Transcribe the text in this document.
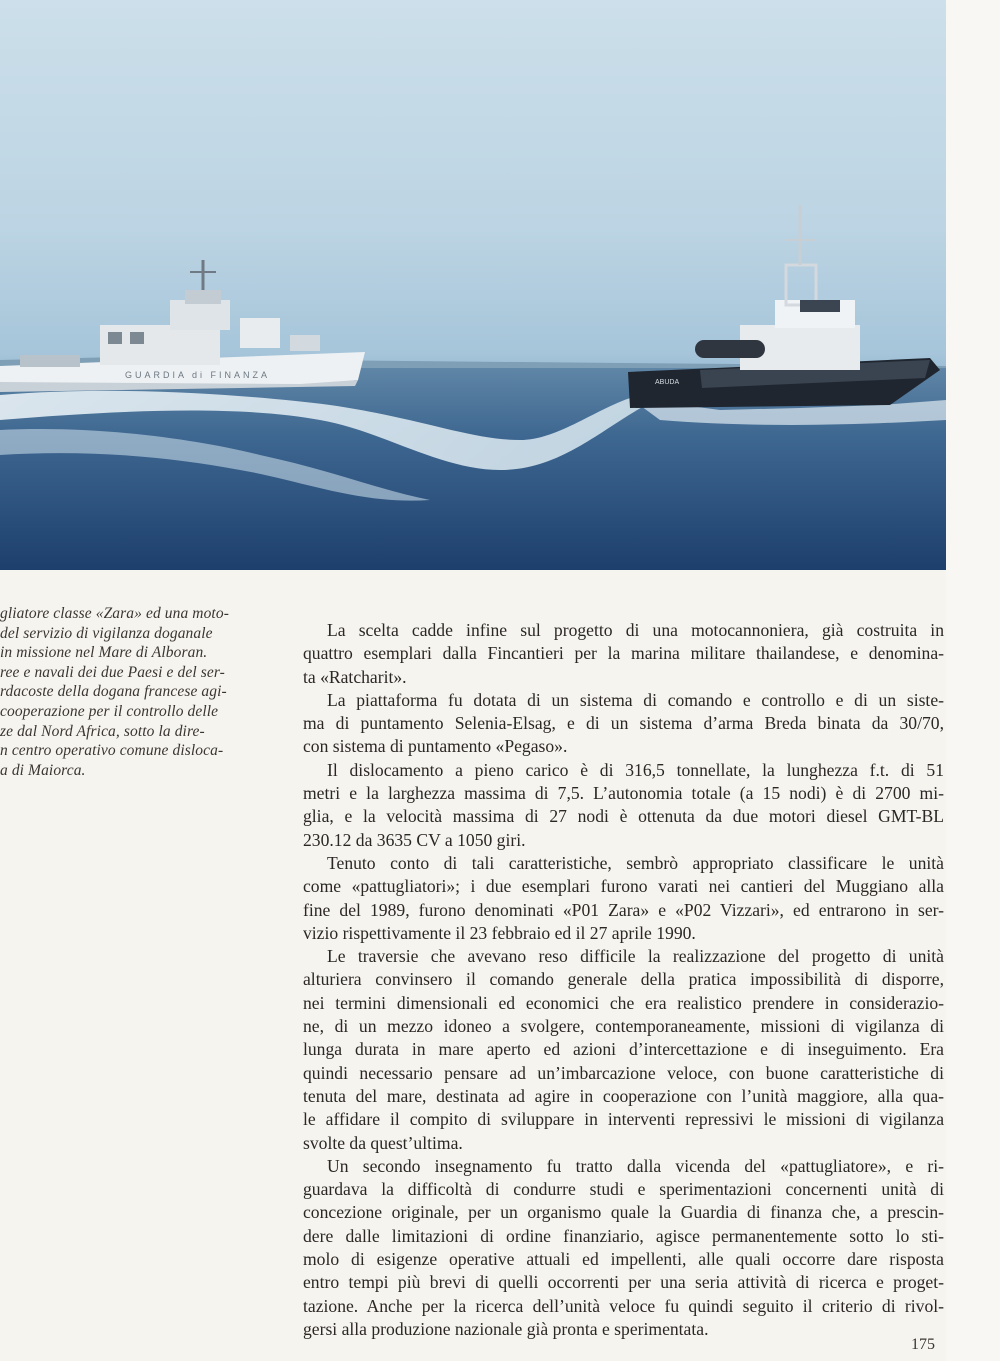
GUARDIA di FINANZA
ABUDA
gliatore classe «Zara» ed una moto-
del servizio di vigilanza doganale
in missione nel Mare di Alboran.
ree e navali dei due Paesi e del ser-
rdacoste della dogana francese agi-
cooperazione per il controllo delle
ze dal Nord Africa, sotto la dire-
n centro operativo comune disloca-
a di Maiorca.
La scelta cadde infine sul progetto di una motocannoniera, già costruita in
quattro esemplari dalla Fincantieri per la marina militare thailandese, e denomina-
ta «Ratcharit».
La piattaforma fu dotata di un sistema di comando e controllo e di un siste-
ma di puntamento Selenia-Elsag, e di un sistema d’arma Breda binata da 30/70,
con sistema di puntamento «Pegaso».
Il dislocamento a pieno carico è di 316,5 tonnellate, la lunghezza f.t. di 51
metri e la larghezza massima di 7,5. L’autonomia totale (a 15 nodi) è di 2700 mi-
glia, e la velocità massima di 27 nodi è ottenuta da due motori diesel GMT-BL
230.12 da 3635 CV a 1050 giri.
Tenuto conto di tali caratteristiche, sembrò appropriato classificare le unità
come «pattugliatori»; i due esemplari furono varati nei cantieri del Muggiano alla
fine del 1989, furono denominati «P01 Zara» e «P02 Vizzari», ed entrarono in ser-
vizio rispettivamente il 23 febbraio ed il 27 aprile 1990.
Le traversie che avevano reso difficile la realizzazione del progetto di unità
alturiera convinsero il comando generale della pratica impossibilità di disporre,
nei termini dimensionali ed economici che era realistico prendere in considerazio-
ne, di un mezzo idoneo a svolgere, contemporaneamente, missioni di vigilanza di
lunga durata in mare aperto ed azioni d’intercettazione e di inseguimento. Era
quindi necessario pensare ad un’imbarcazione veloce, con buone caratteristiche di
tenuta del mare, destinata ad agire in cooperazione con l’unità maggiore, alla qua-
le affidare il compito di sviluppare in interventi repressivi le missioni di vigilanza
svolte da quest’ultima.
Un secondo insegnamento fu tratto dalla vicenda del «pattugliatore», e ri-
guardava la difficoltà di condurre studi e sperimentazioni concernenti unità di
concezione originale, per un organismo quale la Guardia di finanza che, a prescin-
dere dalle limitazioni di ordine finanziario, agisce permanentemente sotto lo sti-
molo di esigenze operative attuali ed impellenti, alle quali occorre dare risposta
entro tempi più brevi di quelli occorrenti per una seria attività di ricerca e proget-
tazione. Anche per la ricerca dell’unità veloce fu quindi seguito il criterio di rivol-
gersi alla produzione nazionale già pronta e sperimentata.
175
